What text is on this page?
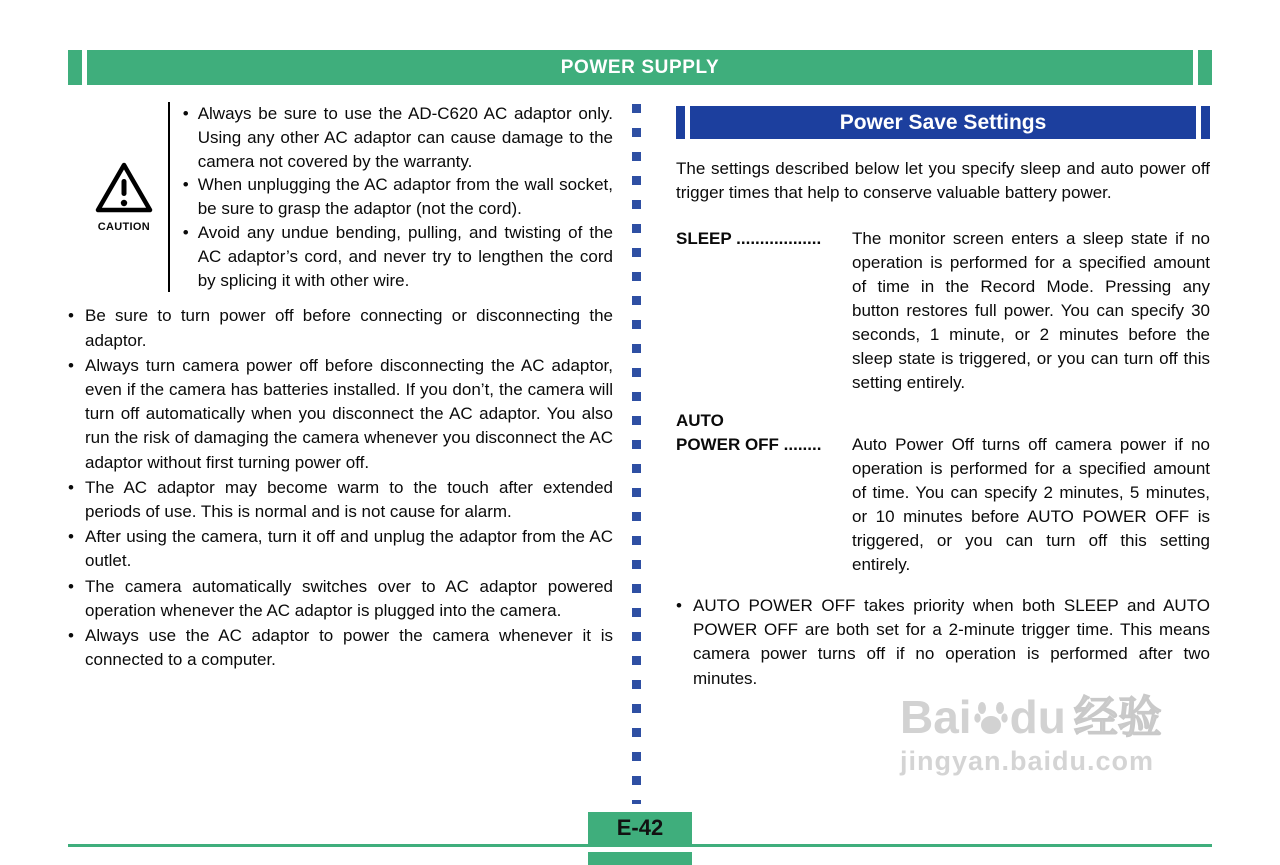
POWER SUPPLY
CAUTION
• Always be sure to use the AD-C620 AC adaptor only. Using any other AC adaptor can cause damage to the camera not covered by the warranty.
• When unplugging the AC adaptor from the wall socket, be sure to grasp the adaptor (not the cord).
• Avoid any undue bending, pulling, and twisting of the AC adaptor’s cord, and never try to lengthen the cord by splicing it with other wire.
• Be sure to turn power off before connecting or disconnecting the adaptor.
• Always turn camera power off before disconnecting the AC adaptor, even if the camera has batteries installed. If you don’t, the camera will turn off automatically when you disconnect the AC adaptor. You also run the risk of damaging the camera whenever you disconnect the AC adaptor without first turning power off.
• The AC adaptor may become warm to the touch after extended periods of use. This is normal and is not cause for alarm.
• After using the camera, turn it off and unplug the adaptor from the AC outlet.
• The camera automatically switches over to AC adaptor powered operation whenever the AC adaptor is plugged into the camera.
• Always use the AC adaptor to power the camera whenever it is connected to a computer.
Power Save Settings

The settings described below let you specify sleep and auto power off trigger times that help to conserve valuable battery power.

SLEEP ..................	The monitor screen enters a sleep state if no operation is performed for a specified amount of time in the Record Mode. Pressing any button restores full power. You can specify 30 seconds, 1 minute, or 2 minutes before the sleep state is triggered, or you can turn off this setting entirely.
AUTO
POWER OFF ........	Auto Power Off turns off camera power if no operation is performed for a specified amount of time. You can specify 2 minutes, 5 minutes, or 10 minutes before AUTO POWER OFF is triggered, or you can turn off this setting entirely.
• AUTO POWER OFF takes priority when both SLEEP and AUTO POWER OFF are both set for a 2-minute trigger time. This means camera power turns off if no operation is performed after two minutes.
Bai du 经验
jingyan.baidu.com
E-42
